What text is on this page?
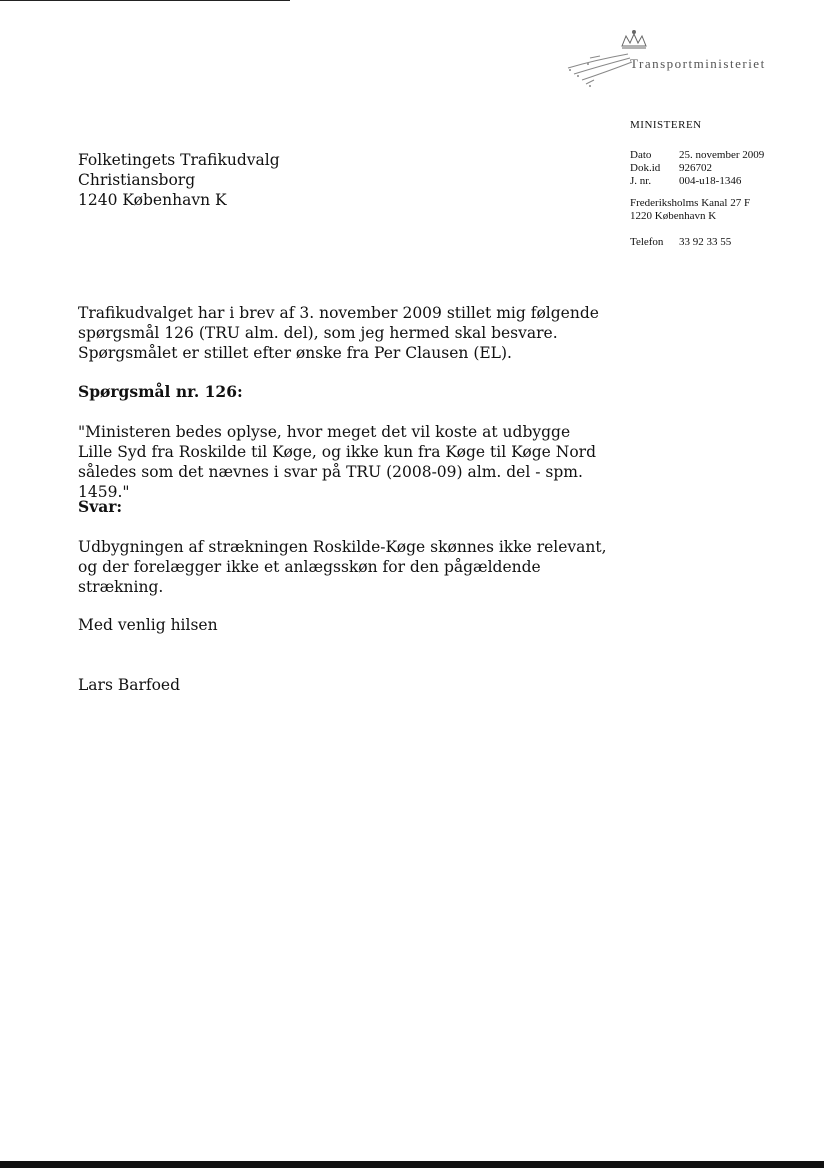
Transportministeriet
MINISTEREN
Dato	25. november 2009
Dok.id	926702
J. nr.	004-u18-1346
Frederiksholms Kanal 27 F
1220 København K
Telefon	33 92 33 55
Folketingets Trafikudvalg
Christiansborg
1240 København K
Trafikudvalget har i brev af 3. november 2009 stillet mig følgende spørgsmål 126 (TRU alm. del), som jeg hermed skal besvare. Spørgsmålet er stillet efter ønske fra Per Clausen (EL).
Spørgsmål nr. 126:
"Ministeren bedes oplyse, hvor meget det vil koste at udbygge Lille Syd fra Roskilde til Køge, og ikke kun fra Køge til Køge Nord således som det nævnes i svar på TRU (2008-09) alm. del - spm. 1459."
Svar:
Udbygningen af strækningen Roskilde-Køge skønnes ikke relevant, og der forelægger ikke et anlægsskøn for den pågældende strækning.
Med venlig hilsen
Lars Barfoed
